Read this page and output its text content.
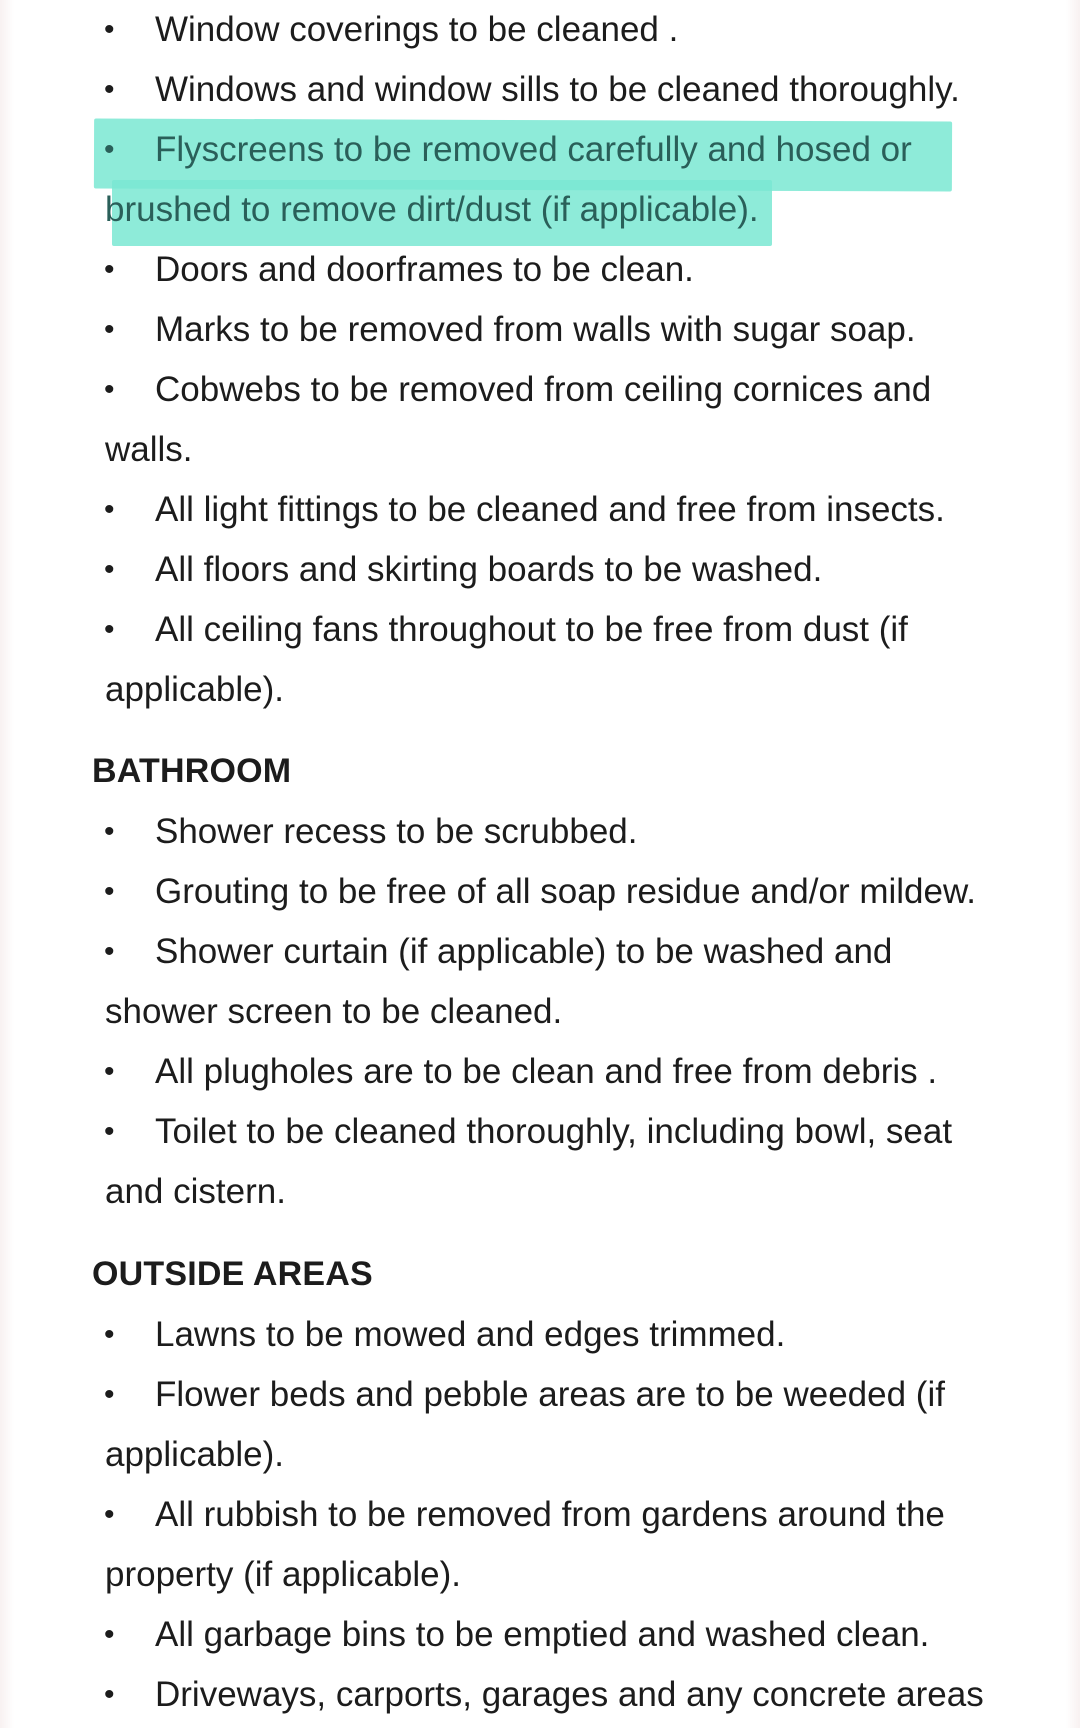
• Window coverings to be cleaned .
• Windows and window sills to be cleaned thoroughly.
• Flyscreens to be removed carefully and hosed or
brushed to remove dirt/dust (if applicable).
• Doors and doorframes to be clean.
• Marks to be removed from walls with sugar soap.
• Cobwebs to be removed from ceiling cornices and
walls.
• All light fittings to be cleaned and free from insects.
• All floors and skirting boards to be washed.
• All ceiling fans throughout to be free from dust (if
applicable).
BATHROOM
• Shower recess to be scrubbed.
• Grouting to be free of all soap residue and/or mildew.
• Shower curtain (if applicable) to be washed and
shower screen to be cleaned.
• All plugholes are to be clean and free from debris .
• Toilet to be cleaned thoroughly, including bowl, seat
and cistern.
OUTSIDE AREAS
• Lawns to be mowed and edges trimmed.
• Flower beds and pebble areas are to be weeded (if
applicable).
• All rubbish to be removed from gardens around the
property (if applicable).
• All garbage bins to be emptied and washed clean.
• Driveways, carports, garages and any concrete areas
